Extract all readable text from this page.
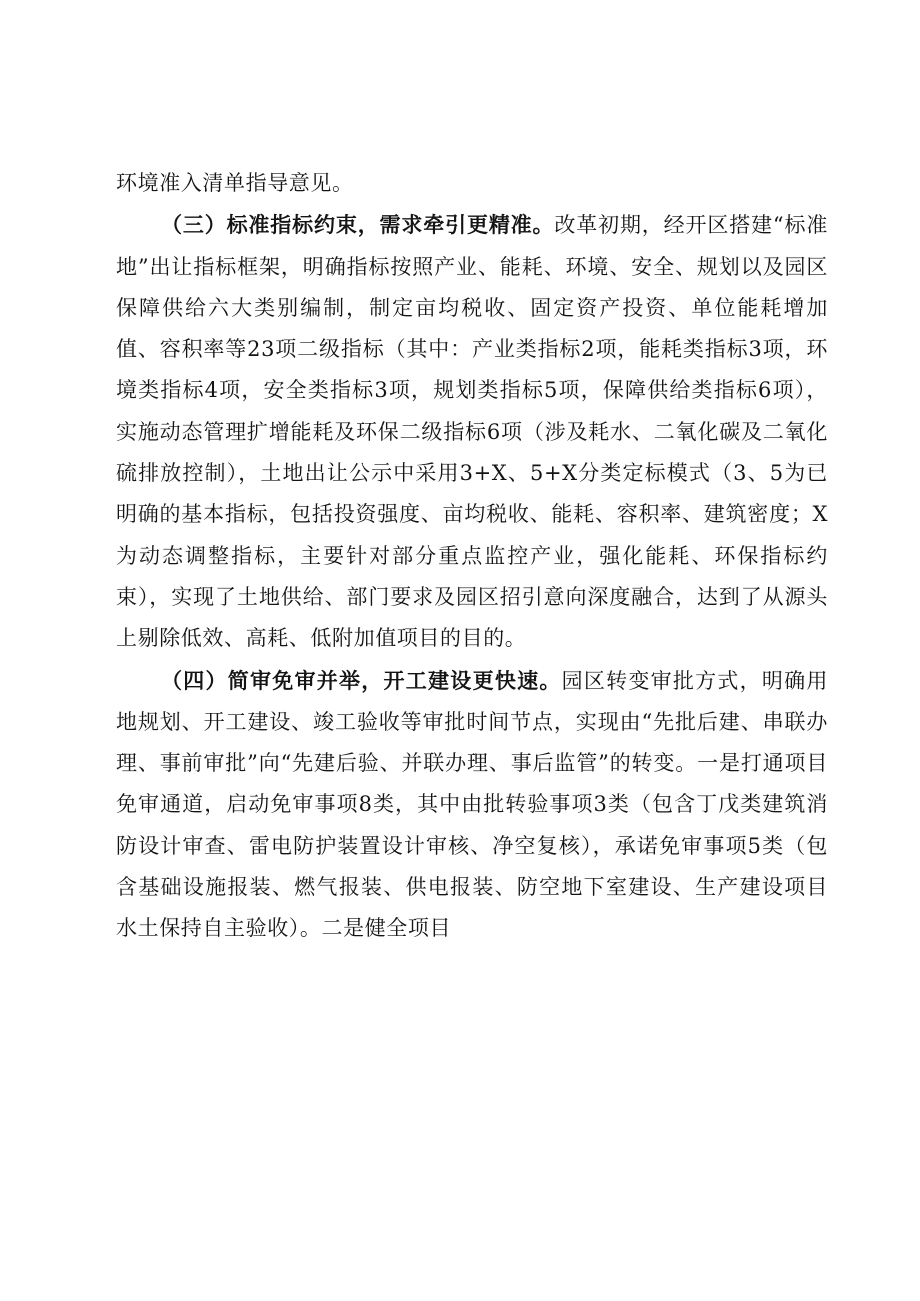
环境准入清单指导意见。

（三）标准指标约束，需求牵引更精准。改革初期，经开区搭建“标准地”出让指标框架，明确指标按照产业、能耗、环境、安全、规划以及园区保障供给六大类别编制，制定亩均税收、固定资产投资、单位能耗增加值、容积率等23项二级指标（其中：产业类指标2项，能耗类指标3项，环境类指标4项，安全类指标3项，规划类指标5项，保障供给类指标6项），实施动态管理扩增能耗及环保二级指标6项（涉及耗水、二氧化碳及二氧化硫排放控制），土地出让公示中采用3+X、5+X分类定标模式（3、5为已明确的基本指标，包括投资强度、亩均税收、能耗、容积率、建筑密度；X为动态调整指标，主要针对部分重点监控产业，强化能耗、环保指标约束），实现了土地供给、部门要求及园区招引意向深度融合，达到了从源头上剔除低效、高耗、低附加值项目的目的。

（四）简审免审并举，开工建设更快速。园区转变审批方式，明确用地规划、开工建设、竣工验收等审批时间节点，实现由“先批后建、串联办理、事前审批”向“先建后验、并联办理、事后监管”的转变。一是打通项目免审通道，启动免审事项8类，其中由批转验事项3类（包含丁戊类建筑消防设计审查、雷电防护装置设计审核、净空复核），承诺免审事项5类（包含基础设施报装、燃气报装、供电报装、防空地下室建设、生产建设项目水土保持自主验收）。二是健全项目
